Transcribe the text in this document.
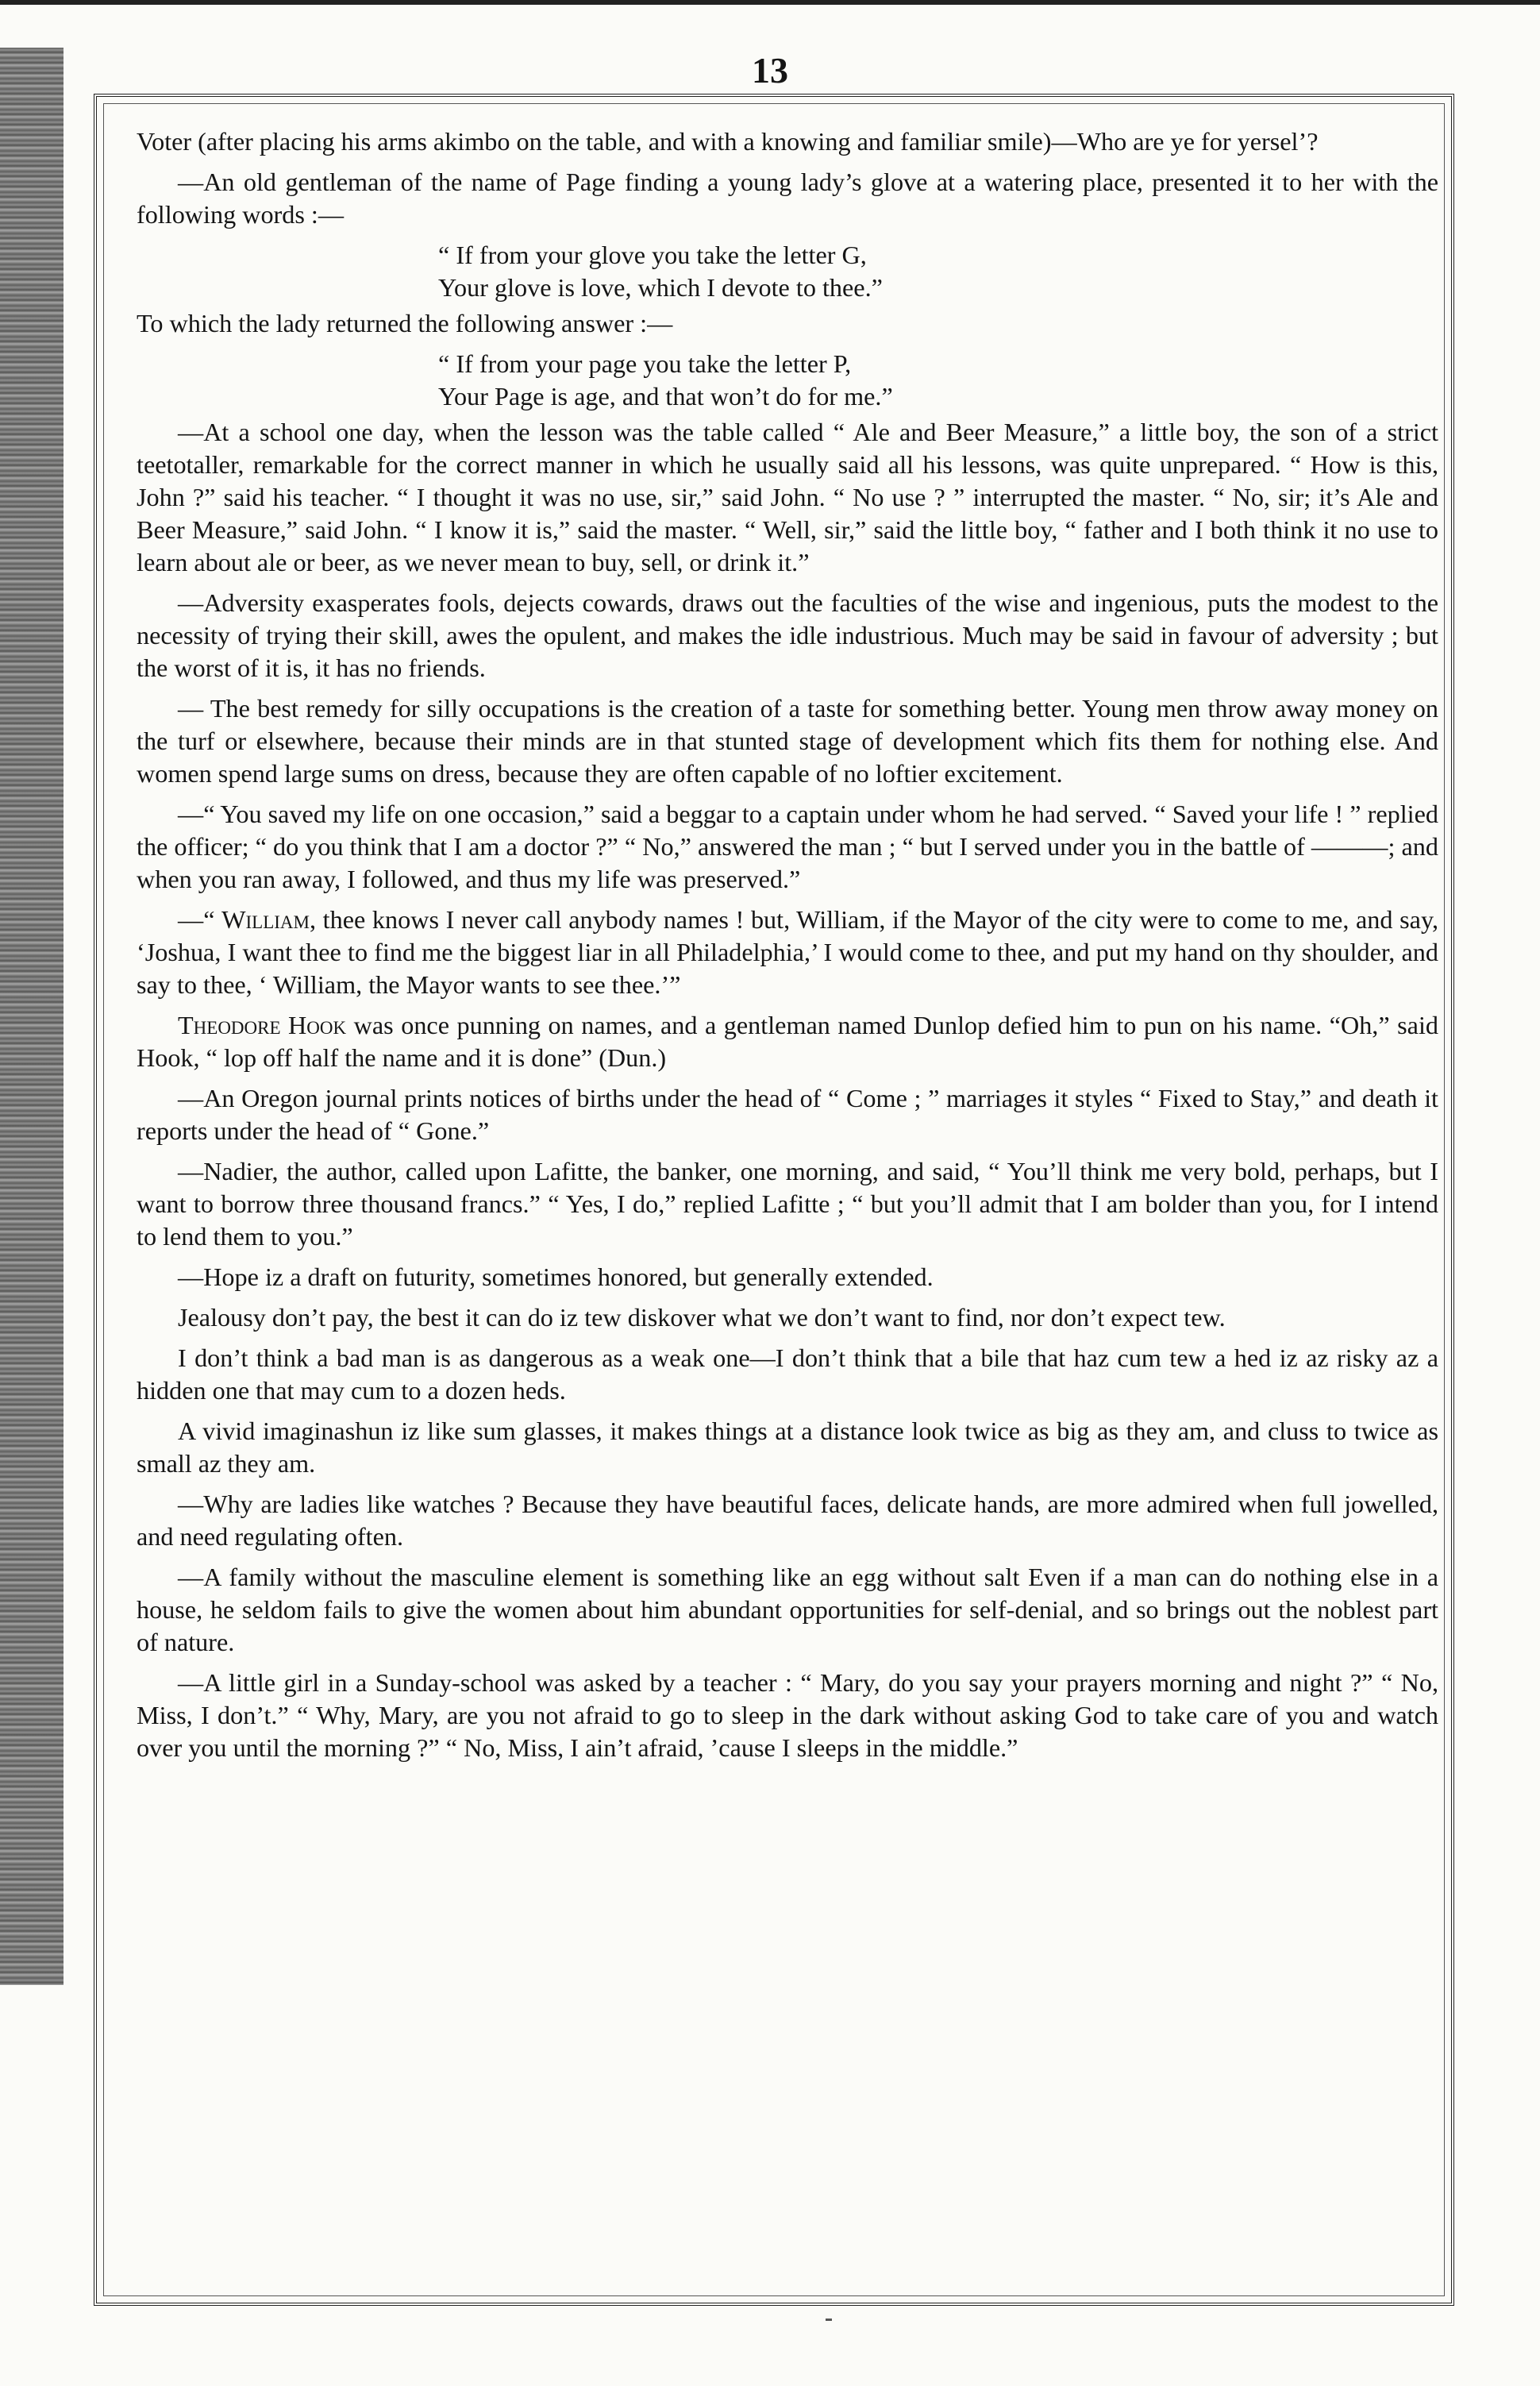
13

Voter (after placing his arms akimbo on the table, and with a knowing and familiar smile)—Who are ye for yersel’?

—An old gentleman of the name of Page finding a young lady’s glove at a watering place, presented it to her with the following words :—

“ If from your glove you take the letter G,
Your glove is love, which I devote to thee.”

To which the lady returned the following answer :—

“ If from your page you take the letter P,
Your Page is age, and that won’t do for me.”

—At a school one day, when the lesson was the table called “ Ale and Beer Measure,” a little boy, the son of a strict teetotaller, remarkable for the correct manner in which he usually said all his lessons, was quite unprepared. “ How is this, John ?” said his teacher. “ I thought it was no use, sir,” said John. “ No use ? ” interrupted the master. “ No, sir; it’s Ale and Beer Measure,” said John. “ I know it is,” said the master. “ Well, sir,” said the little boy, “ father and I both think it no use to learn about ale or beer, as we never mean to buy, sell, or drink it.”

—Adversity exasperates fools, dejects cowards, draws out the faculties of the wise and ingenious, puts the modest to the necessity of trying their skill, awes the opulent, and makes the idle industrious. Much may be said in favour of adversity ; but the worst of it is, it has no friends.

— The best remedy for silly occupations is the creation of a taste for something better. Young men throw away money on the turf or elsewhere, because their minds are in that stunted stage of development which fits them for nothing else. And women spend large sums on dress, because they are often capable of no loftier excitement.

—“ You saved my life on one occasion,” said a beggar to a captain under whom he had served. “ Saved your life ! ” replied the officer; “ do you think that I am a doctor ?” “ No,” answered the man ; “ but I served under you in the battle of ———; and when you ran away, I followed, and thus my life was preserved.”

—“ William, thee knows I never call anybody names ! but, William, if the Mayor of the city were to come to me, and say, ‘Joshua, I want thee to find me the biggest liar in all Philadelphia,’ I would come to thee, and put my hand on thy shoulder, and say to thee, ‘ William, the Mayor wants to see thee.’”

Theodore Hook was once punning on names, and a gentleman named Dunlop defied him to pun on his name. “Oh,” said Hook, “ lop off half the name and it is done” (Dun.)

—An Oregon journal prints notices of births under the head of “ Come ; ” marriages it styles “ Fixed to Stay,” and death it reports under the head of “ Gone.”

—Nadier, the author, called upon Lafitte, the banker, one morning, and said, “ You’ll think me very bold, perhaps, but I want to borrow three thousand francs.” “ Yes, I do,” replied Lafitte ; “ but you’ll admit that I am bolder than you, for I intend to lend them to you.”

—Hope iz a draft on futurity, sometimes honored, but generally extended.

Jealousy don’t pay, the best it can do iz tew diskover what we don’t want to find, nor don’t expect tew.

I don’t think a bad man is as dangerous as a weak one—I don’t think that a bile that haz cum tew a hed iz az risky az a hidden one that may cum to a dozen heds.

A vivid imaginashun iz like sum glasses, it makes things at a distance look twice as big as they am, and cluss to twice as small az they am.

—Why are ladies like watches ? Because they have beautiful faces, delicate hands, are more admired when full jowelled, and need regulating often.

—A family without the masculine element is something like an egg without salt Even if a man can do nothing else in a house, he seldom fails to give the women about him abundant opportunities for self-denial, and so brings out the noblest part of nature.

—A little girl in a Sunday-school was asked by a teacher : “ Mary, do you say your prayers morning and night ?” “ No, Miss, I don’t.” “ Why, Mary, are you not afraid to go to sleep in the dark without asking God to take care of you and watch over you until the morning ?” “ No, Miss, I ain’t afraid, ’cause I sleeps in the middle.”
